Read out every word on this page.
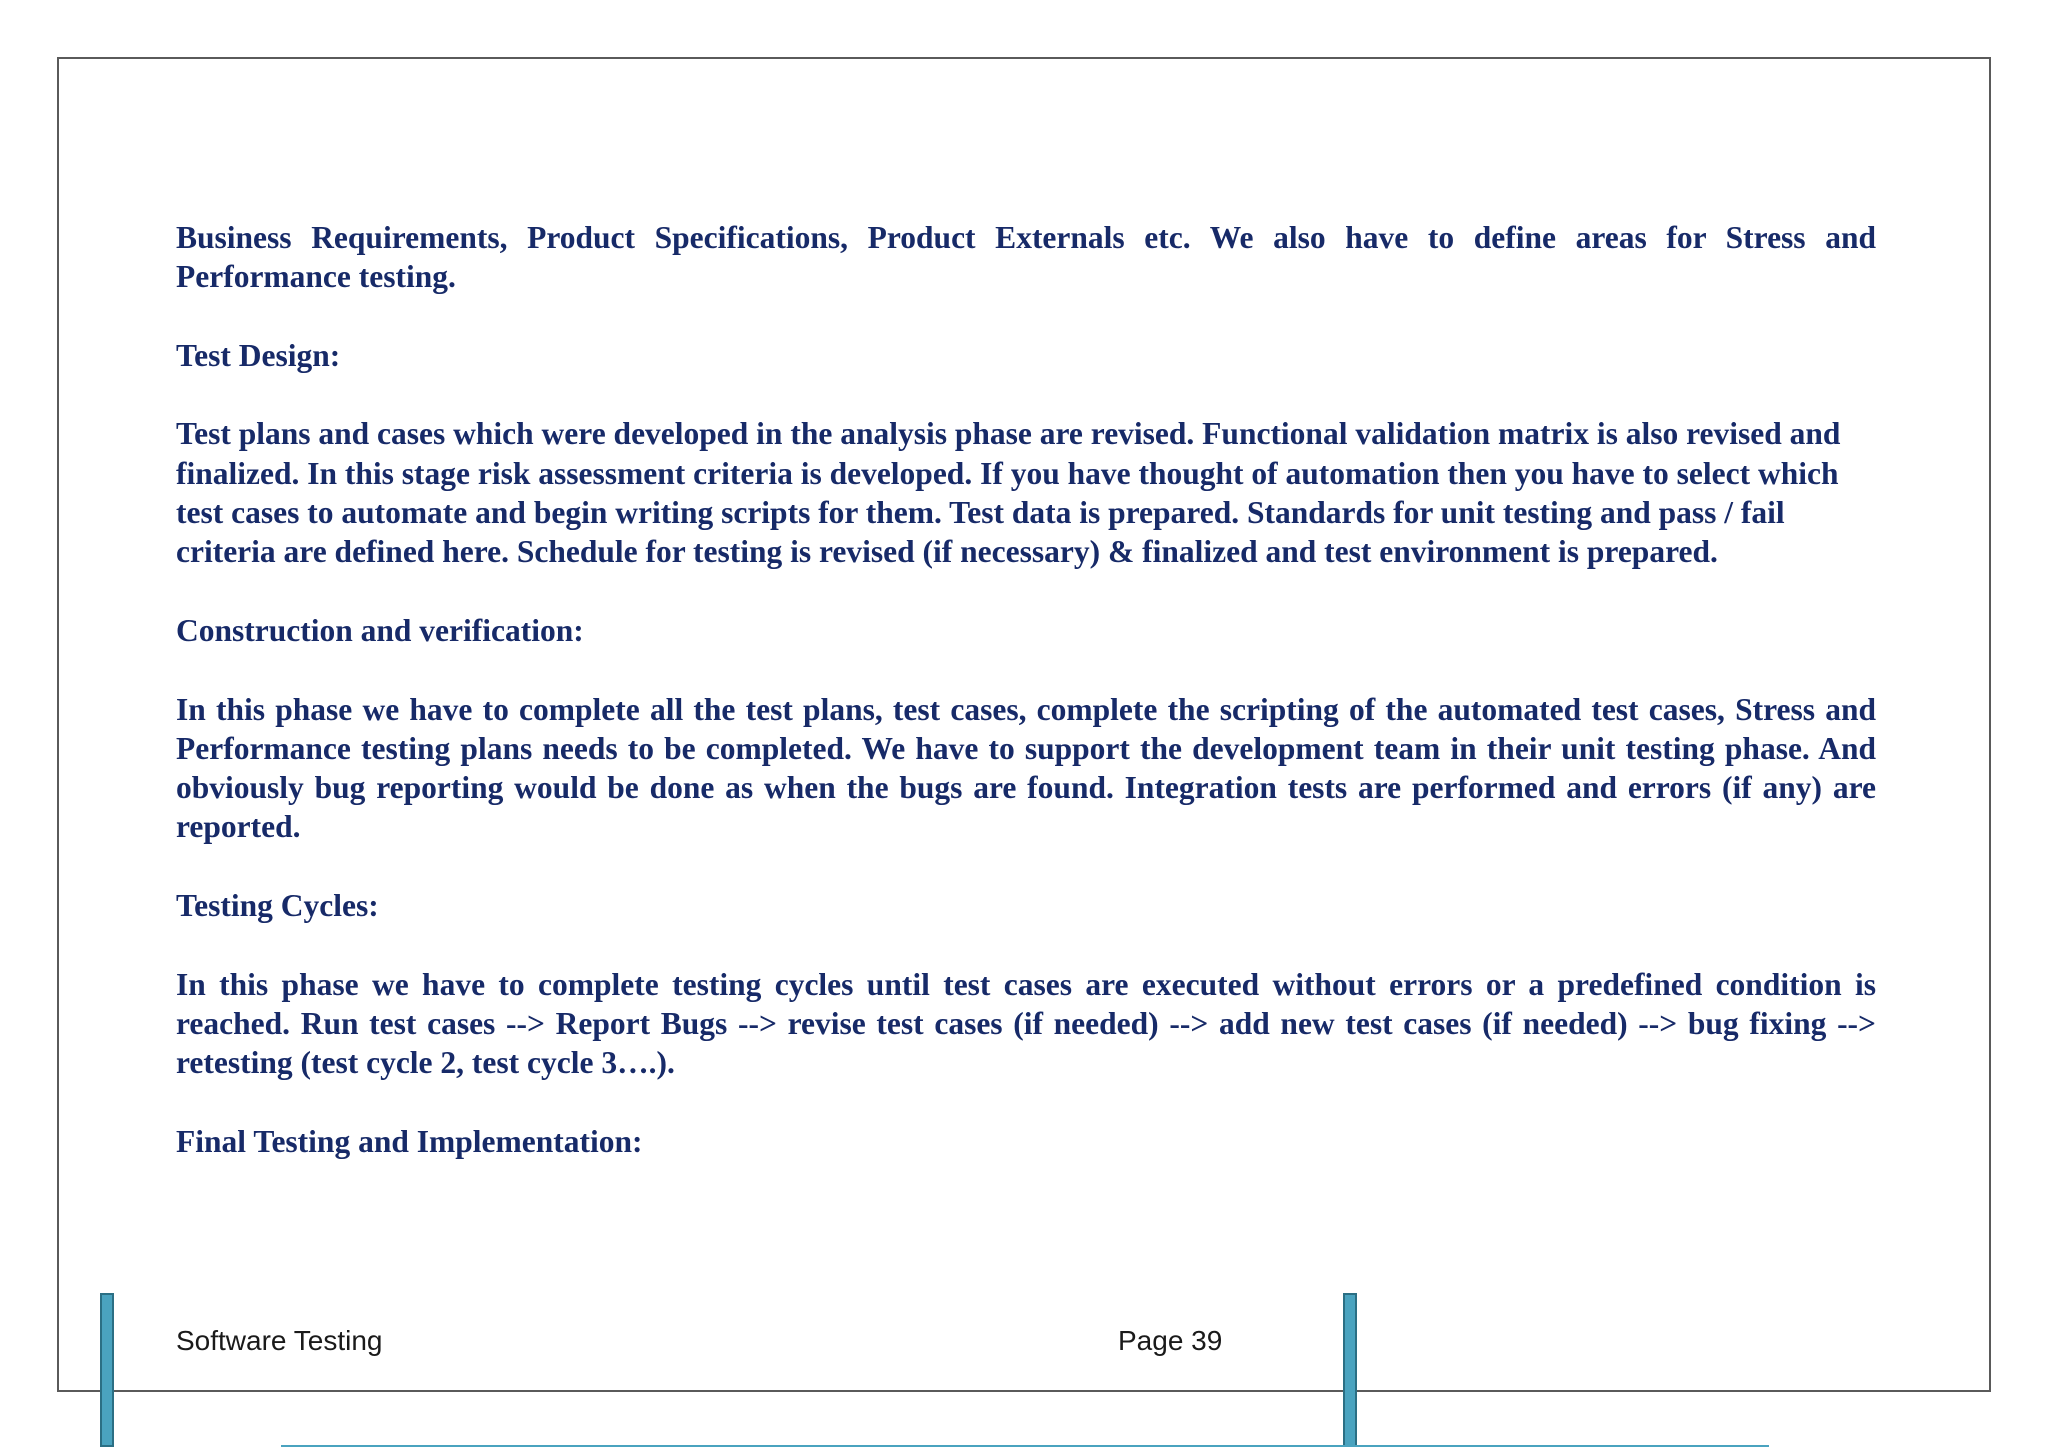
Business Requirements, Product Specifications, Product Externals etc. We also have to define areas for Stress and Performance testing.

Test Design:

Test plans and cases which were developed in the analysis phase are revised. Functional validation matrix is also revised and finalized. In this stage risk assessment criteria is developed. If you have thought of automation then you have to select which test cases to automate and begin writing scripts for them. Test data is prepared. Standards for unit testing and pass / fail criteria are defined here. Schedule for testing is revised (if necessary) & finalized and test environment is prepared.

Construction and verification:

In this phase we have to complete all the test plans, test cases, complete the scripting of the automated test cases, Stress and Performance testing plans needs to be completed. We have to support the development team in their unit testing phase. And obviously bug reporting would be done as when the bugs are found. Integration tests are performed and errors (if any) are reported.

Testing Cycles:

In this phase we have to complete testing cycles until test cases are executed without errors or a predefined condition is reached. Run test cases --> Report Bugs --> revise test cases (if needed) --> add new test cases (if needed) --> bug fixing --> retesting (test cycle 2, test cycle 3….).

Final Testing and Implementation:

Software Testing	Page 39
